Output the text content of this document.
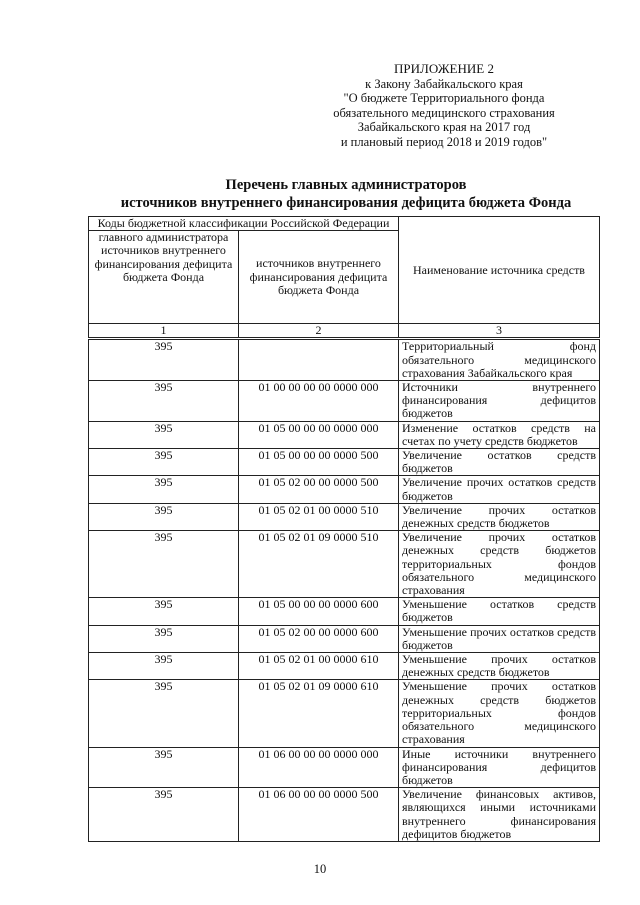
ПРИЛОЖЕНИЕ 2
к Закону Забайкальского края
"О бюджете Территориального фонда
обязательного медицинского страхования
Забайкальского края на 2017 год
и плановый период 2018 и 2019 годов"
Перечень главных администраторов
источников внутреннего финансирования дефицита бюджета Фонда
Коды бюджетной классификации Российской Федерации		Наименование источника средств
главного администратора источников внутреннего финансирования дефицита бюджета Фонда	источников внутреннего финансирования дефицита бюджета Фонда	
1	2	3
395		Территориальный фонд обязательного медицинского страхования Забайкальского края
395	01 00 00 00 00 0000 000	Источники внутреннего финансирования дефицитов бюджетов
395	01 05 00 00 00 0000 000	Изменение остатков средств на счетах по учету средств бюджетов
395	01 05 00 00 00 0000 500	Увеличение остатков средств бюджетов
395	01 05 02 00 00 0000 500	Увеличение прочих остатков средств бюджетов
395	01 05 02 01 00 0000 510	Увеличение прочих остатков денежных средств бюджетов
395	01 05 02 01 09 0000 510	Увеличение прочих остатков денежных средств бюджетов территориальных фондов обязательного медицинского страхования
395	01 05 00 00 00 0000 600	Уменьшение остатков средств бюджетов
395	01 05 02 00 00 0000 600	Уменьшение прочих остатков средств бюджетов
395	01 05 02 01 00 0000 610	Уменьшение прочих остатков денежных средств бюджетов
395	01 05 02 01 09 0000 610	Уменьшение прочих остатков денежных средств бюджетов территориальных фондов обязательного медицинского страхования
395	01 06 00 00 00 0000 000	Иные источники внутреннего финансирования дефицитов бюджетов
395	01 06 00 00 00 0000 500	Увеличение финансовых активов, являющихся иными источниками внутреннего финансирования дефицитов бюджетов
10
